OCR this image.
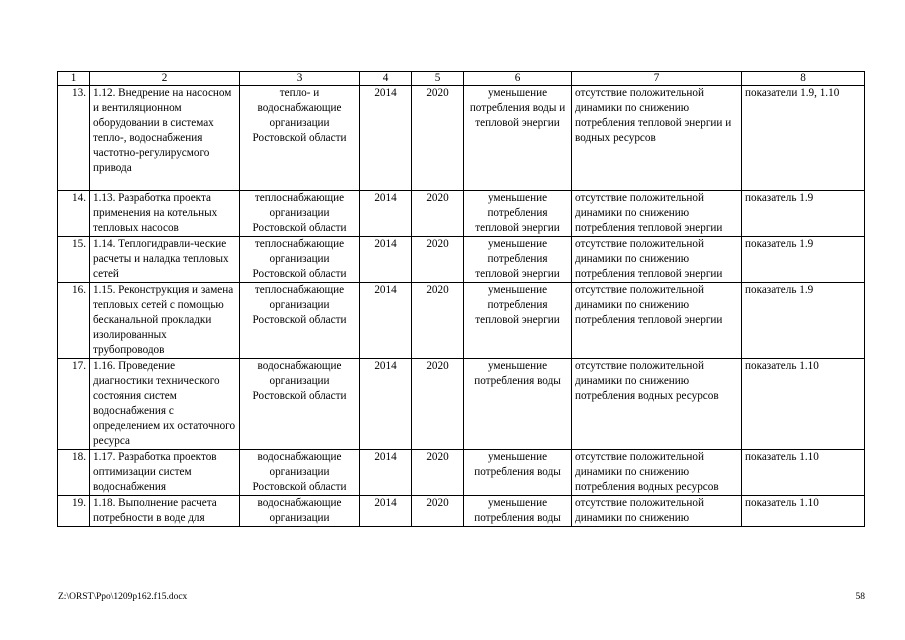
1	2	3	4	5	6	7	8
13.	1.12. Внедрение на насосном и вентиляционном оборудовании в системах тепло-, водоснабжения частотно-регулирусмого привода	тепло- и водоснабжающие организации Ростовской области	2014	2020	уменьшение потребления воды и тепловой энергии	отсутствие положительной динамики по снижению потребления тепловой энергии и водных ресурсов	показатели 1.9, 1.10
14.	1.13. Разработка проекта применения на котельных тепловых насосов	теплоснабжающие организации Ростовской области	2014	2020	уменьшение потребления тепловой энергии	отсутствие положительной динамики по снижению потребления тепловой энергии	показатель 1.9
15.	1.14. Теплогидравли-ческие расчеты и наладка тепловых сетей	теплоснабжающие организации Ростовской области	2014	2020	уменьшение потребления тепловой энергии	отсутствие положительной динамики по снижению потребления тепловой энергии	показатель 1.9
16.	1.15. Реконструкция и замена тепловых сетей с помощью бесканальной прокладки изолированных трубопроводов	теплоснабжающие организации Ростовской области	2014	2020	уменьшение потребления тепловой энергии	отсутствие положительной динамики по снижению потребления тепловой энергии	показатель 1.9
17.	1.16. Проведение диагностики технического состояния систем водоснабжения с определением их остаточного ресурса	водоснабжающие организации Ростовской области	2014	2020	уменьшение потребления воды	отсутствие положительной динамики по снижению потребления водных ресурсов	показатель 1.10
18.	1.17. Разработка проектов оптимизации систем водоснабжения	водоснабжающие организации Ростовской области	2014	2020	уменьшение потребления воды	отсутствие положительной динамики по снижению потребления водных ресурсов	показатель 1.10
19.	1.18. Выполнение расчета потребности в воде для	водоснабжающие организации	2014	2020	уменьшение потребления воды	отсутствие положительной динамики по снижению	показатель 1.10
Z:\ORST\Ppo\1209p162.f15.docx	58
